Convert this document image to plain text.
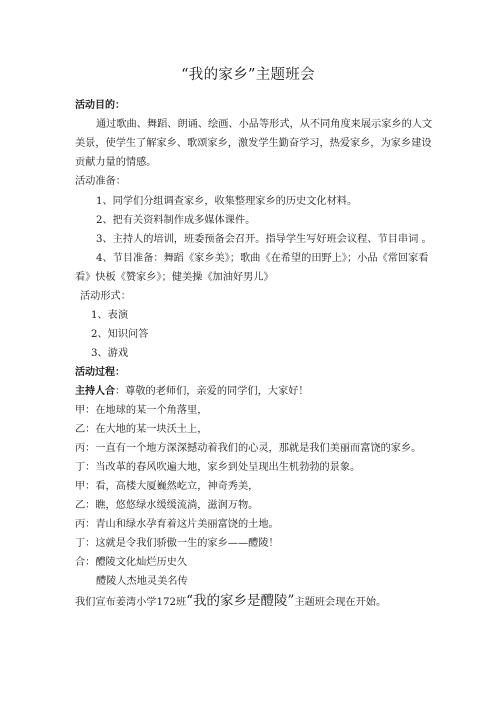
“我的家乡”主题班会
活动目的：
通过歌曲、舞蹈、朗诵、绘画、小品等形式，从不同角度来展示家乡的人文
美景，使学生了解家乡、歌颂家乡，激发学生勤奋学习，热爱家乡，为家乡建设
贡献力量的情感。
活动准备：
1、同学们分组调查家乡，收集整理家乡的历史文化材料。
2、把有关资料制作成多媒体课件。
3、主持人的培训，班委预备会召开。指导学生写好班会议程、节目串词 。
4、节目准备：舞蹈《家乡美》；歌曲《在希望的田野上》；小品《常回家看
看》快板《赞家乡》；健美操《加油好男儿》
活动形式：
1、表演
2、知识问答
3、游戏
活动过程：
主持人合：尊敬的老师们，亲爱的同学们，大家好！
甲：在地球的某一个角落里，
乙：在大地的某一块沃土上，
丙：一直有一个地方深深撼动着我们的心灵，那就是我们美丽而富饶的家乡。
丁：当改革的春风吹遍大地，家乡到处呈现出生机勃勃的景象。
甲：看，高楼大厦巍然屹立，神奇秀美，
乙：瞧，悠悠绿水缓缓流淌，滋润万物。
丙：青山和绿水孕育着这片美丽富饶的土地。
丁：这就是令我们骄傲一生的家乡——醴陵！
合：醴陵文化灿烂历史久
醴陵人杰地灵美名传
我们宣布姜湾小学172班“我的家乡是醴陵”主题班会现在开始。
